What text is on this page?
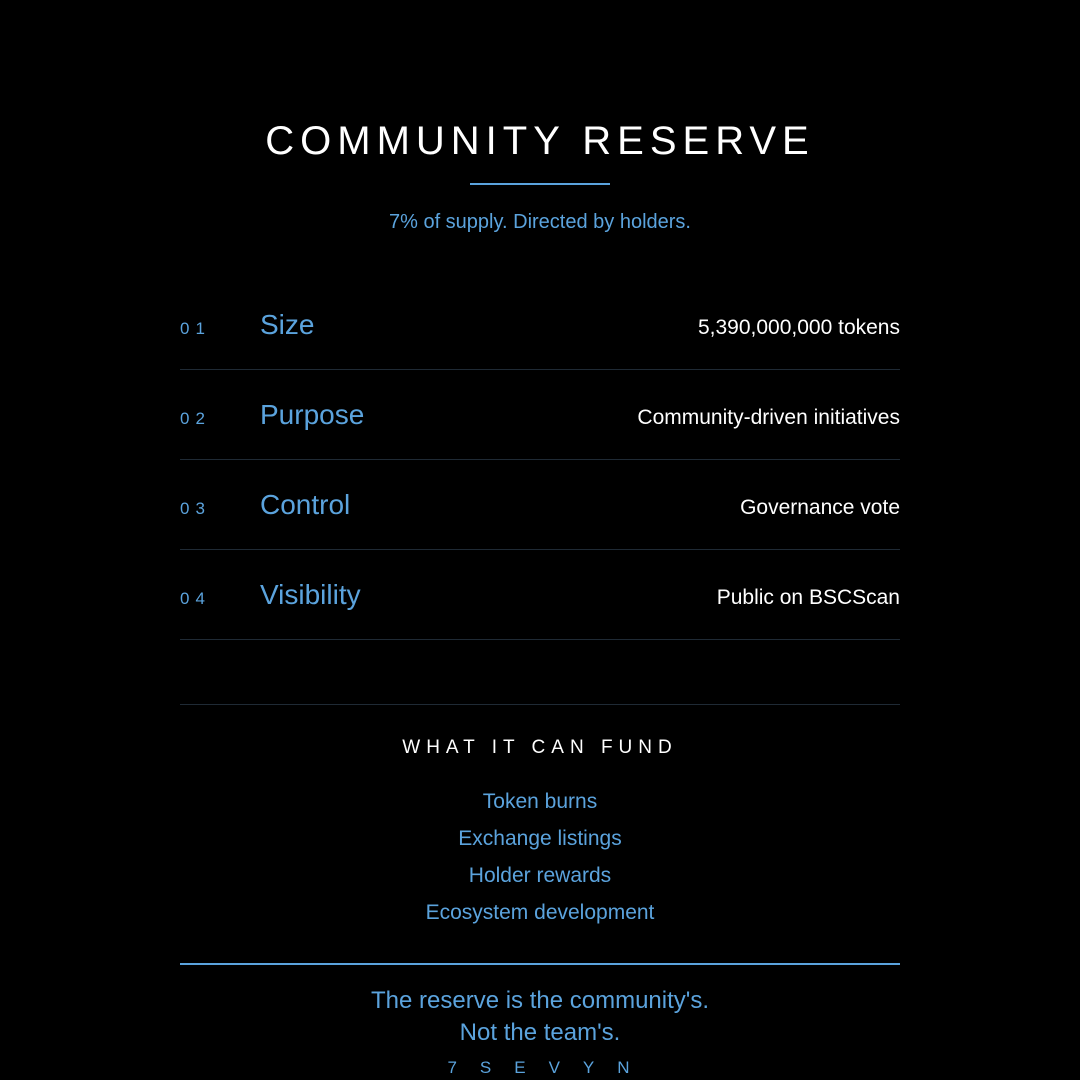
COMMUNITY RESERVE
7% of supply. Directed by holders.
01 Size	5,390,000,000 tokens
02 Purpose	Community-driven initiatives
03 Control	Governance vote
04 Visibility	Public on BSCScan
WHAT IT CAN FUND
Token burns
Exchange listings
Holder rewards
Ecosystem development
The reserve is the community's.
Not the team's.
7SEVYN
